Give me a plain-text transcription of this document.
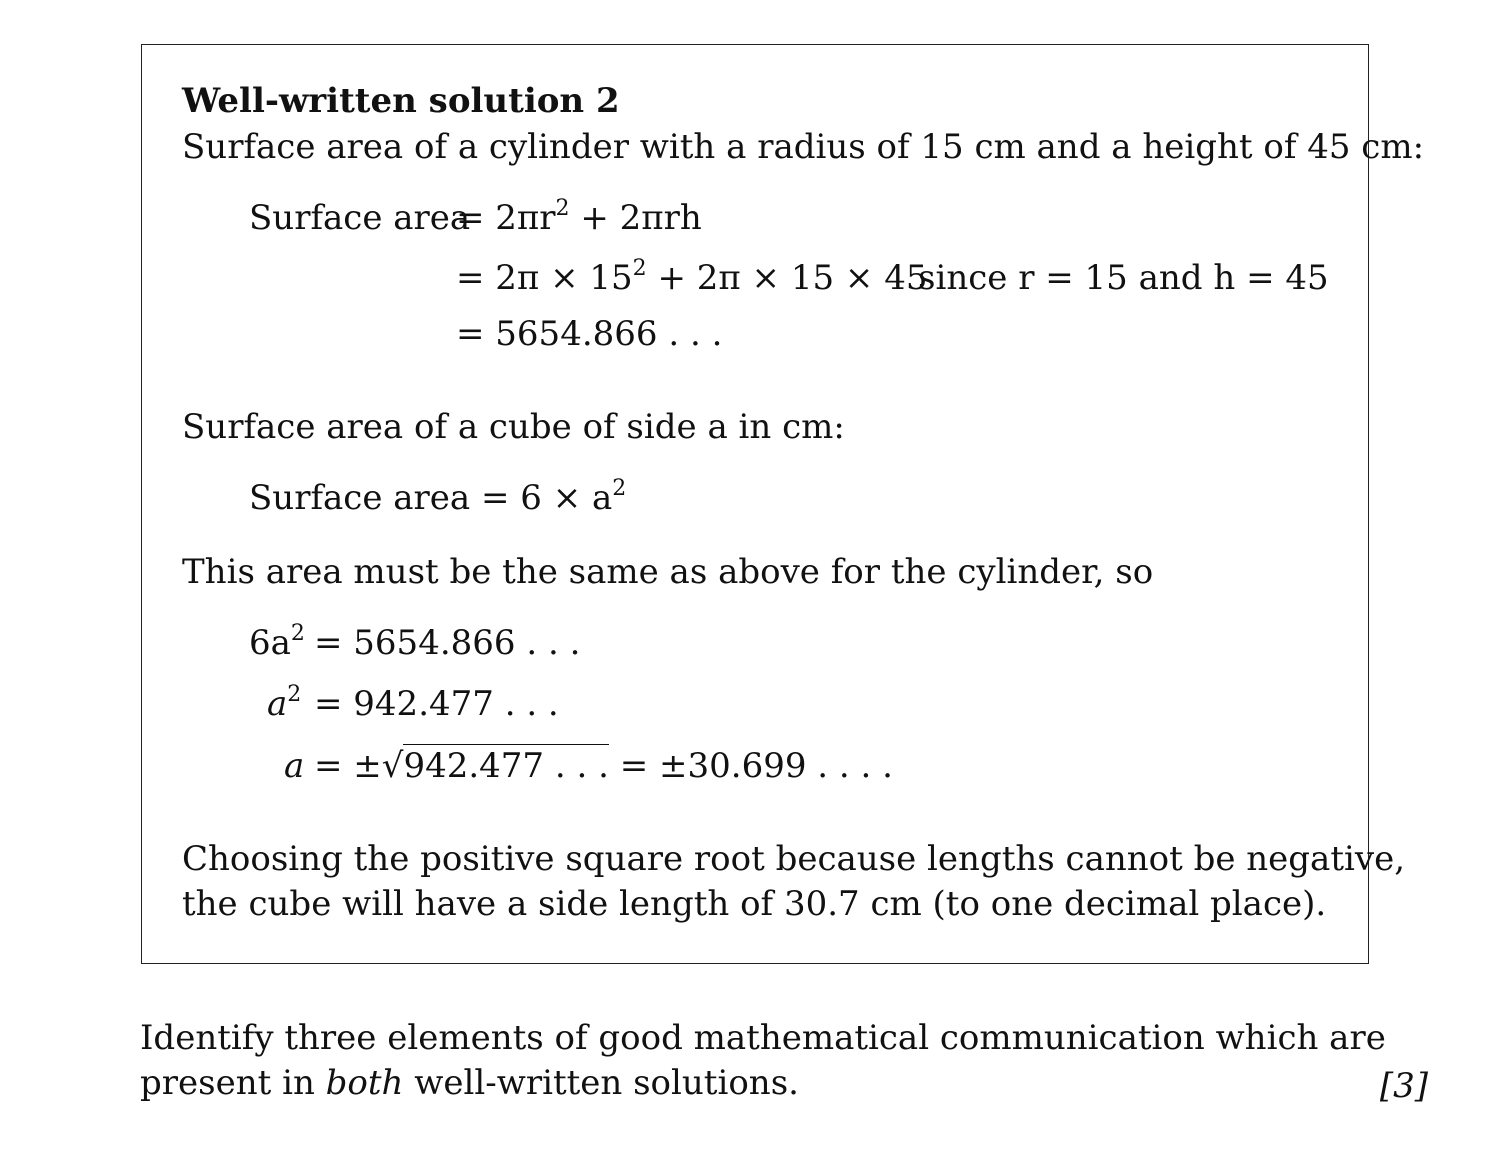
Well-written solution 2
Surface area of a cylinder with a radius of 15 cm and a height of 45 cm:
Surface area
= $2\pi r^2 + 2\pi rh$
= $2\pi \times 15^2 + 2\pi \times 15 \times 45$
since r = 15 and h = 45
= 5654.866 . . .
Surface area of a cube of side a in cm:
Surface area = $6 \times a^2$
This area must be the same as above for the cylinder, so
$6a^2 = 5654.866$ . . .
$a^2 = 942.477$ . . .
a = ±√942.477 . . . = ±30.699 . . . .
Choosing the positive square root because lengths cannot be negative,
the cube will have a side length of 30.7 cm (to one decimal place).
Identify three elements of good mathematical communication which are
present in both well-written solutions.	[3]
